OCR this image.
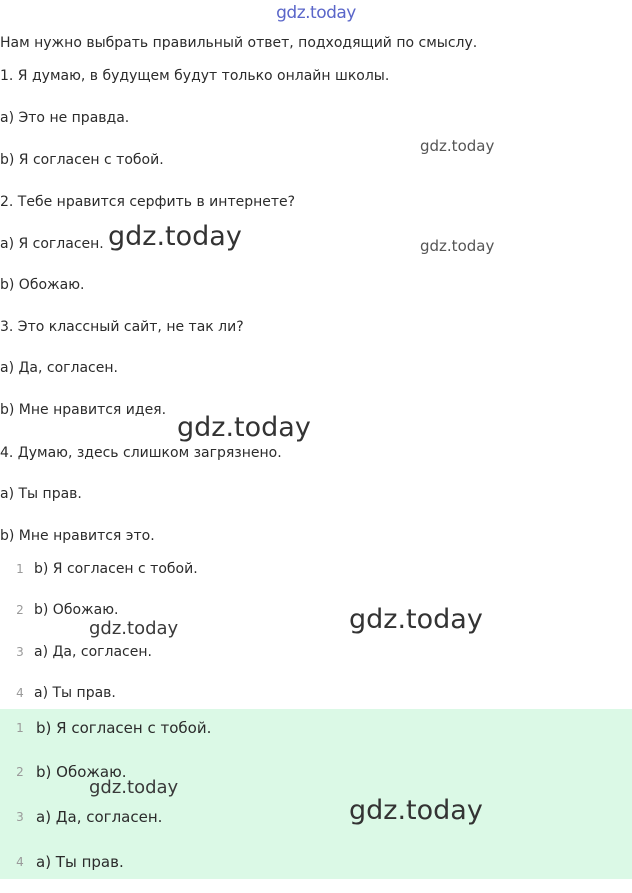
gdz.today
Нам нужно выбрать правильный ответ, подходящий по смыслу.
1. Я думаю, в будущем будут только онлайн школы.
а) Это не правда.
b) Я согласен с тобой.
2. Тебе нравится серфить в интернете?
а) Я согласен.
b) Обожаю.
3. Это классный сайт, не так ли?
а) Да, согласен.
b) Мне нравится идея.
4. Думаю, здесь слишком загрязнено.
а) Ты прав.
b) Мне нравится это.
1 b) Я согласен с тобой.
2 b) Обожаю.
3 а) Да, согласен.
4 а) Ты прав.
1 b) Я согласен с тобой.
2 b) Обожаю.
3 а) Да, согласен.
4 а) Ты прав.
gdz.today
gdz.today	gdz.today
gdz.today
gdz.today
gdz.today
gdz.today
gdz.today
